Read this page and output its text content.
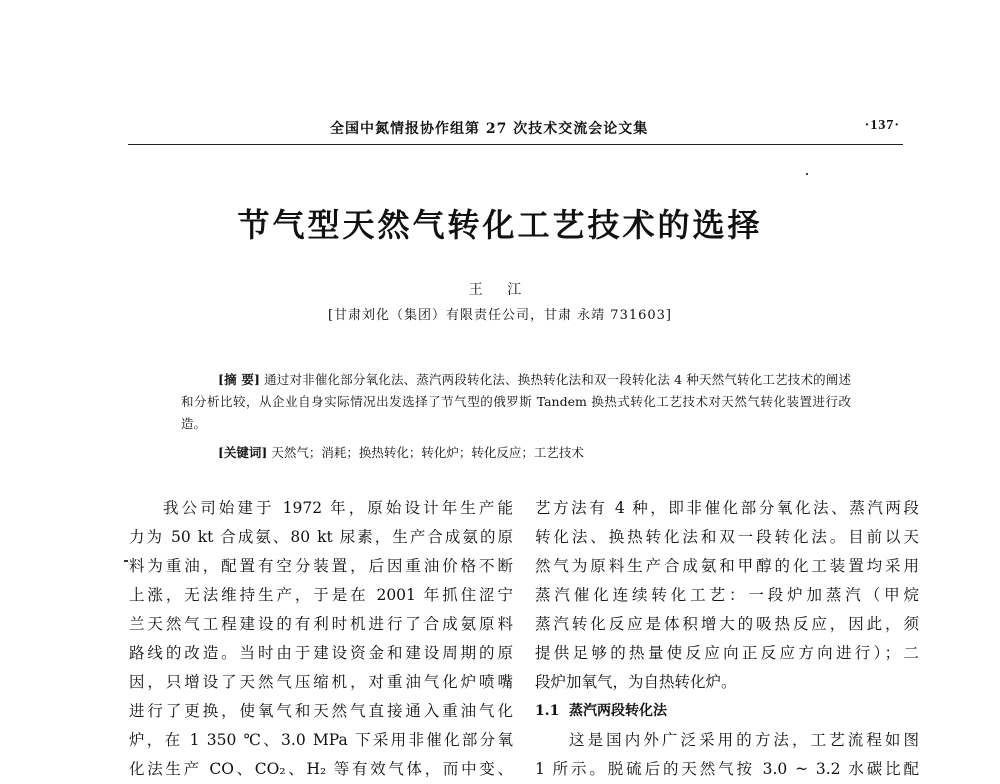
全国中氮情报协作组第 27 次技术交流会论文集	·137·
节气型天然气转化工艺技术的选择
王 江
[甘肃刘化（集团）有限责任公司，甘肃 永靖 731603]

[摘 要] 通过对非催化部分氧化法、蒸汽两段转化法、换热转化法和双一段转化法 4 种天然气转化工艺技术的阐述和分析比较，从企业自身实际情况出发选择了节气型的俄罗斯 Tandem 换热式转化工艺技术对天然气转化装置进行改造。

[关键词] 天然气；消耗；换热转化；转化炉；转化反应；工艺技术
我公司始建于 1972 年，原始设计年生产能
力为 50 kt 合成氨、80 kt 尿素，生产合成氨的原
料为重油，配置有空分装置，后因重油价格不断
上涨，无法维持生产，于是在 2001 年抓住涩宁
兰天然气工程建设的有利时机进行了合成氨原料
路线的改造。当时由于建设资金和建设周期的原
因，只增设了天然气压缩机，对重油气化炉喷嘴
进行了更换，使氧气和天然气直接通入重油气化
炉，在 1 350 ℃、3.0 MPa 下采用非催化部分氧
化法生产 CO、CO₂、H₂ 等有效气体，而中变、
艺方法有 4 种，即非催化部分氧化法、蒸汽两段
转化法、换热转化法和双一段转化法。目前以天
然气为原料生产合成氨和甲醇的化工装置均采用
蒸汽催化连续转化工艺：一段炉加蒸汽（甲烷
蒸汽转化反应是体积增大的吸热反应，因此，须
提供足够的热量使反应向正反应方向进行）；二
段炉加氧气，为自热转化炉。
1.1 蒸汽两段转化法
这是国内外广泛采用的方法，工艺流程如图
1 所示。脱硫后的天然气按 3.0 ~ 3.2 水碳比配
